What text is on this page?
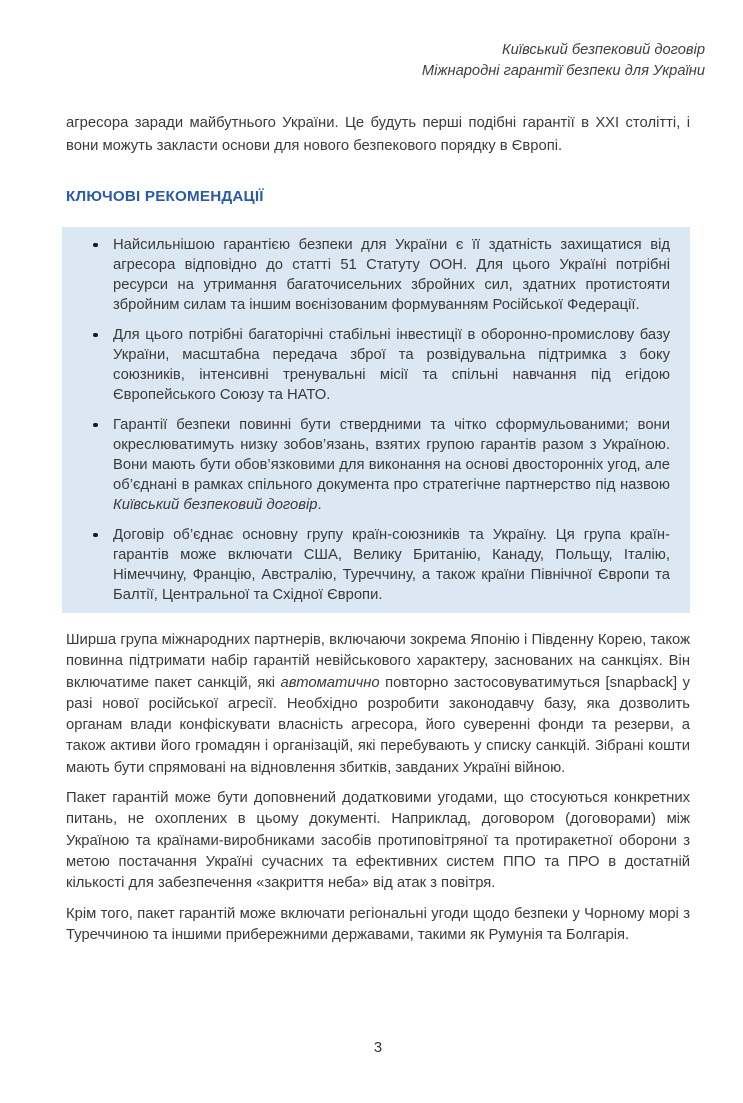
Київський безпековий договір
Міжнародні гарантії безпеки для України

агресора заради майбутнього України. Це будуть перші подібні гарантії в ХХІ столітті, і вони можуть закласти основи для нового безпекового порядку в Європі.

КЛЮЧОВІ РЕКОМЕНДАЦІЇ
Найсильнішою гарантією безпеки для України є її здатність захищатися від агресора відповідно до статті 51 Статуту ООН. Для цього Україні потрібні ресурси на утримання багаточисельних збройних сил, здатних протистояти збройним силам та іншим воєнізованим формуванням Російської Федерації.
Для цього потрібні багаторічні стабільні інвестиції в оборонно-промислову базу України, масштабна передача зброї та розвідувальна підтримка з боку союзників, інтенсивні тренувальні місії та спільні навчання під егідою Європейського Союзу та НАТО.
Гарантії безпеки повинні бути ствердними та чітко сформульованими; вони окреслюватимуть низку зобов’язань, взятих групою гарантів разом з Україною. Вони мають бути обов’язковими для виконання на основі двосторонніх угод, але об’єднані в рамках спільного документа про стратегічне партнерство під назвою Київський безпековий договір.
Договір об’єднає основну групу країн-союзників та Україну. Ця група країн-гарантів може включати США, Велику Британію, Канаду, Польщу, Італію, Німеччину, Францію, Австралію, Туреччину, а також країни Північної Європи та Балтії, Центральної та Східної Європи.

Ширша група міжнародних партнерів, включаючи зокрема Японію і Південну Корею, також повинна підтримати набір гарантій невійськового характеру, заснованих на санкціях. Він включатиме пакет санкцій, які автоматично повторно застосовуватимуться [snapback] у разі нової російської агресії. Необхідно розробити законодавчу базу, яка дозволить органам влади конфіскувати власність агресора, його суверенні фонди та резерви, а також активи його громадян і організацій, які перебувають у списку санкцій. Зібрані кошти мають бути спрямовані на відновлення збитків, завданих Україні війною.

Пакет гарантій може бути доповнений додатковими угодами, що стосуються конкретних питань, не охоплених в цьому документі. Наприклад, договором (договорами) між Україною та країнами-виробниками засобів протиповітряної та протиракетної оборони з метою постачання Україні сучасних та ефективних систем ППО та ПРО в достатній кількості для забезпечення «закриття неба» від атак з повітря.

Крім того, пакет гарантій може включати регіональні угоди щодо безпеки у Чорному морі з Туреччиною та іншими прибережними державами, такими як Румунія та Болгарія.

3
